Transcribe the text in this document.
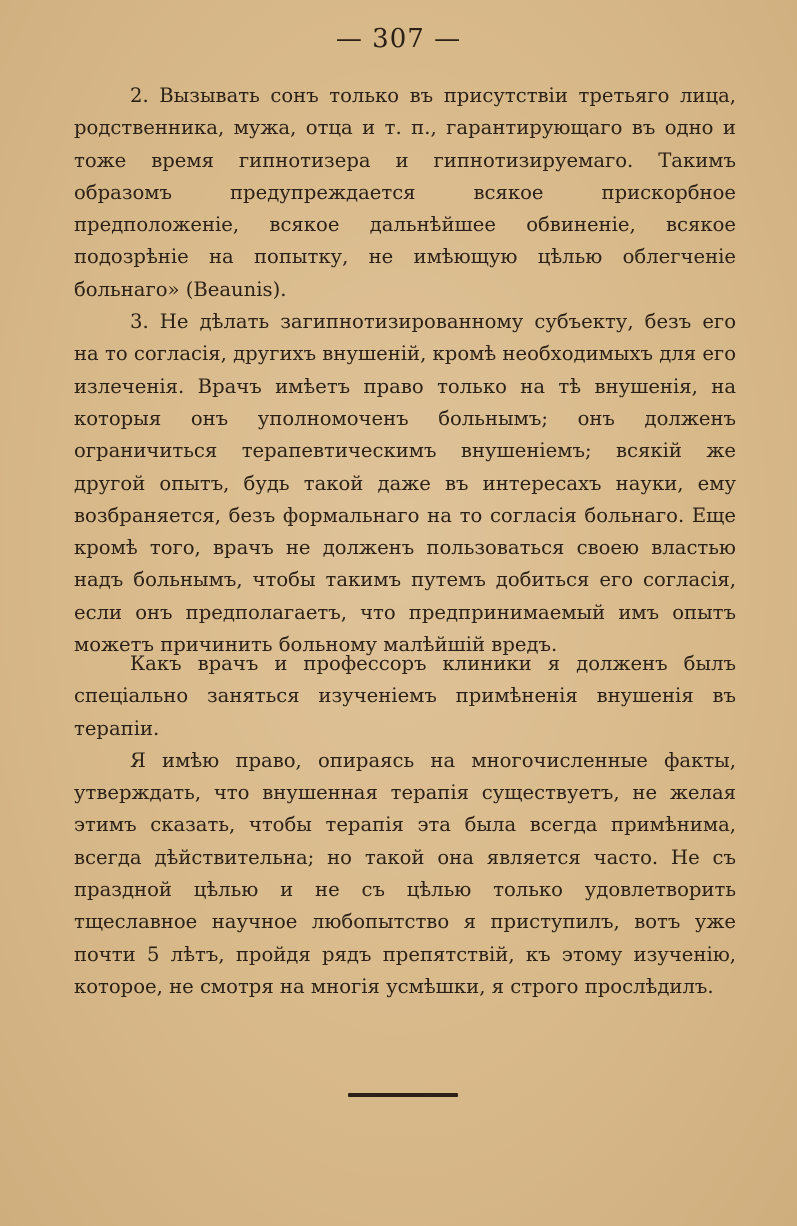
— 307 —

2. Вызывать сонъ только въ присутствіи третьяго лица, родственника, мужа, отца и т. п., гарантирующаго въ одно и тоже время гипнотизера и гипнотизируемаго. Такимъ образомъ предупреждается всякое прискорбное предположеніе, всякое дальнѣйшее обвиненіе, всякое подозрѣніе на попытку, не имѣющую цѣлью облегченіе больнаго» (Beaunis).

3. Не дѣлать загипнотизированному субъекту, безъ его на то согласія, другихъ внушеній, кромѣ необходимыхъ для его излеченія. Врачъ имѣетъ право только на тѣ внушенія, на которыя онъ уполномоченъ больнымъ; онъ долженъ ограничиться терапевтическимъ внушеніемъ; всякій же другой опытъ, будь такой даже въ интересахъ науки, ему возбраняется, безъ формальнаго на то согласія больнаго. Еще кромѣ того, врачъ не долженъ пользоваться своею властью надъ больнымъ, чтобы такимъ путемъ добиться его согласія, если онъ предполагаетъ, что предпринимаемый имъ опытъ можетъ причинить больному малѣйшій вредъ.

Какъ врачъ и профессоръ клиники я долженъ былъ спеціально заняться изученіемъ примѣненія внушенія въ терапіи.

Я имѣю право, опираясь на многочисленные факты, утверждать, что внушенная терапія существуетъ, не желая этимъ сказать, чтобы терапія эта была всегда примѣнима, всегда дѣйствительна; но такой она является часто. Не съ праздной цѣлью и не съ цѣлью только удовлетворить тщеславное научное любопытство я приступилъ, вотъ уже почти 5 лѣтъ, пройдя рядъ препятствій, къ этому изученію, которое, не смотря на многія усмѣшки, я строго прослѣдилъ.
